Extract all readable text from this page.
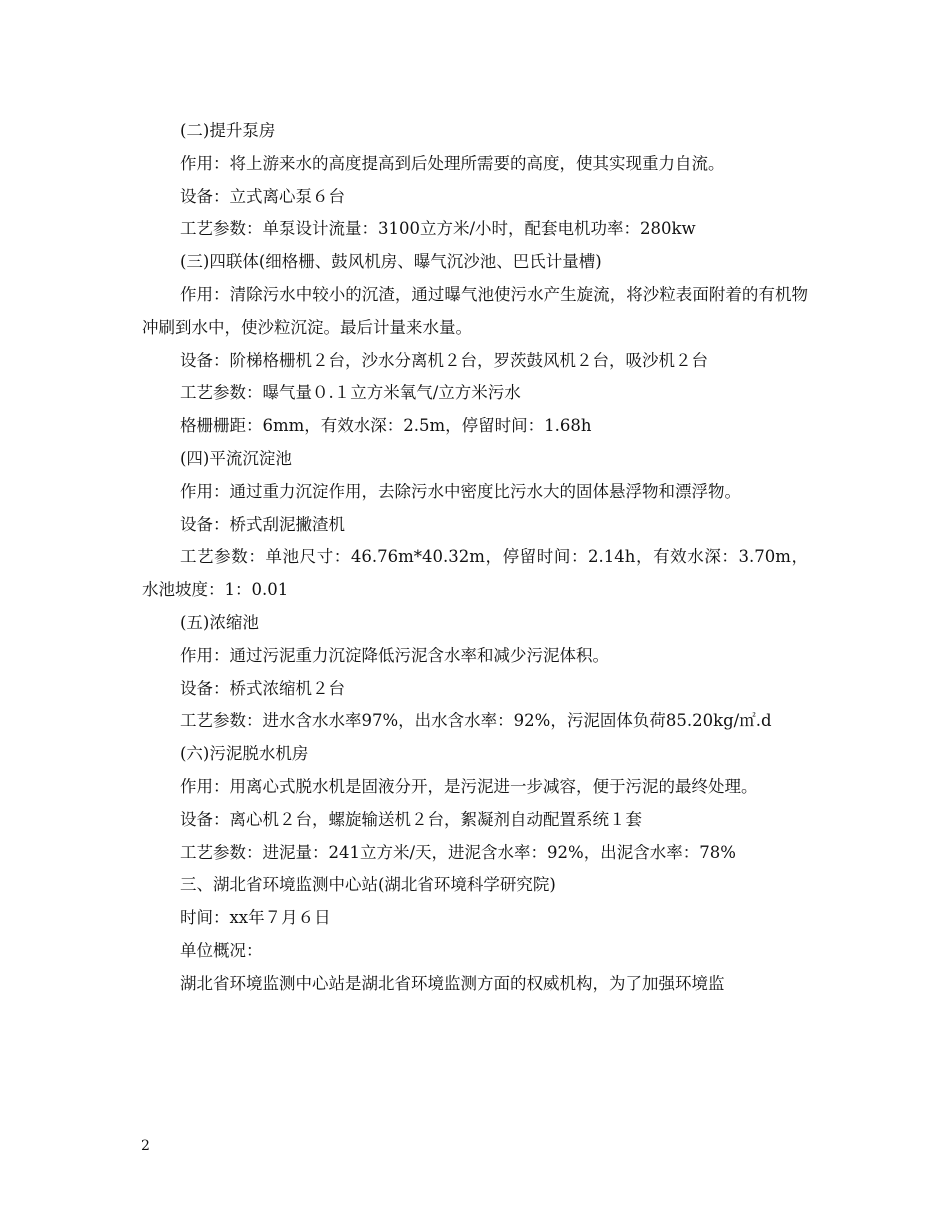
(二)提升泵房

作用：将上游来水的高度提高到后处理所需要的高度，使其实现重力自流。

设备：立式离心泵６台

工艺参数：单泵设计流量：3100立方米/小时，配套电机功率：280kw

(三)四联体(细格栅、鼓风机房、曝气沉沙池、巴氏计量槽)

作用：清除污水中较小的沉渣，通过曝气池使污水产生旋流，将沙粒表面附着的有机物冲刷到水中，使沙粒沉淀。最后计量来水量。

设备：阶梯格栅机２台，沙水分离机２台，罗茨鼓风机２台，吸沙机２台

工艺参数：曝气量０.１立方米氧气/立方米污水

格栅栅距：6mm，有效水深：2.5m，停留时间：1.68h

(四)平流沉淀池

作用：通过重力沉淀作用，去除污水中密度比污水大的固体悬浮物和漂浮物。

设备：桥式刮泥撇渣机

工艺参数：单池尺寸：46.76m*40.32m，停留时间：2.14h，有效水深：3.70m，水池坡度：1：0.01

(五)浓缩池

作用：通过污泥重力沉淀降低污泥含水率和减少污泥体积。

设备：桥式浓缩机２台

工艺参数：进水含水水率97%，出水含水率：92%，污泥固体负荷85.20kg/㎡.d

(六)污泥脱水机房

作用：用离心式脱水机是固液分开，是污泥进一步减容，便于污泥的最终处理。

设备：离心机２台，螺旋输送机２台，絮凝剂自动配置系统１套

工艺参数：进泥量：241立方米/天，进泥含水率：92%，出泥含水率：78%

三、湖北省环境监测中心站(湖北省环境科学研究院)

时间：xx年７月６日

单位概况：

湖北省环境监测中心站是湖北省环境监测方面的权威机构，为了加强环境监

2
